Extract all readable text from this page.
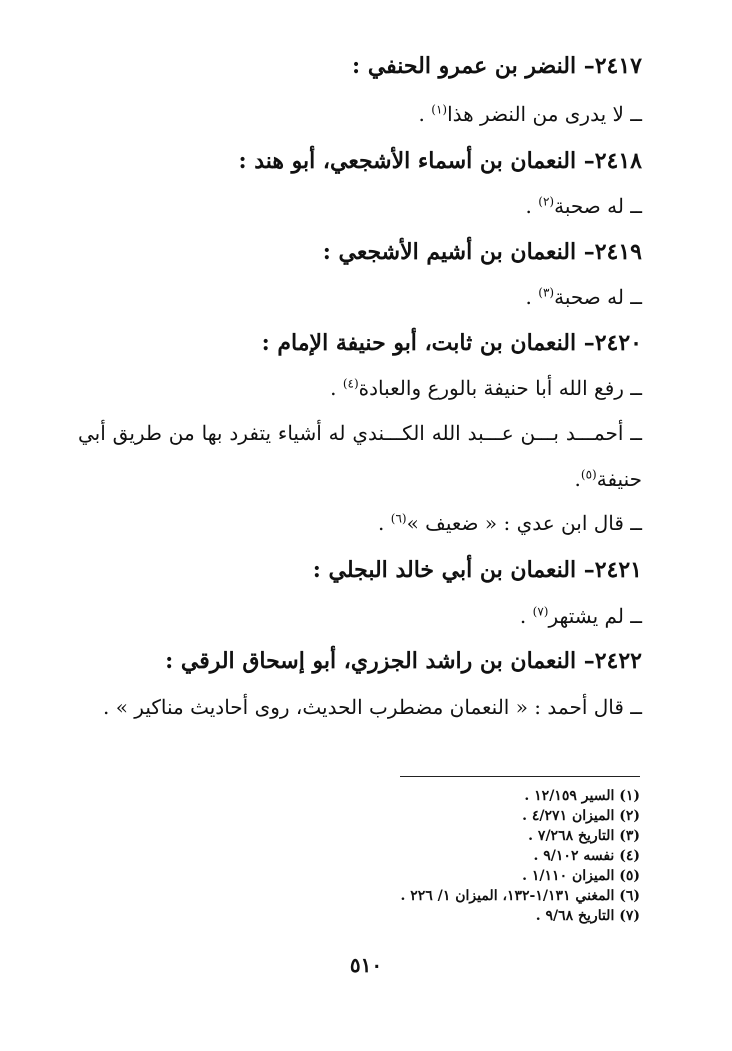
٢٤١٧– النضر بن عمرو الحنفي :

ــ لا يدرى من النضر هذا$^{(١)}$ .

٢٤١٨– النعمان بن أسماء الأشجعي، أبو هند :

ــ له صحبة$^{(٢)}$ .

٢٤١٩– النعمان بن أشيم الأشجعي :

ــ له صحبة$^{(٣)}$ .

٢٤٢٠– النعمان بن ثابت، أبو حنيفة الإمام :

ــ رفع الله أبا حنيفة بالورع والعبادة$^{(٤)}$ .

ــ أحمـــد بـــن عـــبد الله الكـــندي له أشياء يتفرد بها من طريق أبي

حنيفة$^{(٥)}$.

ــ قال ابن عدي : « ضعيف »$^{(٦)}$ .

٢٤٢١– النعمان بن أبي خالد البجلي :

ــ لم يشتهر$^{(٧)}$ .

٢٤٢٢– النعمان بن راشد الجزري، أبو إسحاق الرقي :

ــ قال أحمد : « النعمان مضطرب الحديث، روى أحاديث مناكير » .

(١) السير ١٢/١٥٩ .
(٢) الميزان ٤/٢٧١ .
(٣) التاريخ ٧/٢٦٨ .
(٤) نفسه ٩/١٠٢ .
(٥) الميزان ١/١١٠ .
(٦) المغني ١/١٣١-١٣٢، الميزان ١/ ٢٢٦ .
(٧) التاريخ ٩/٦٨ .
٥١٠
